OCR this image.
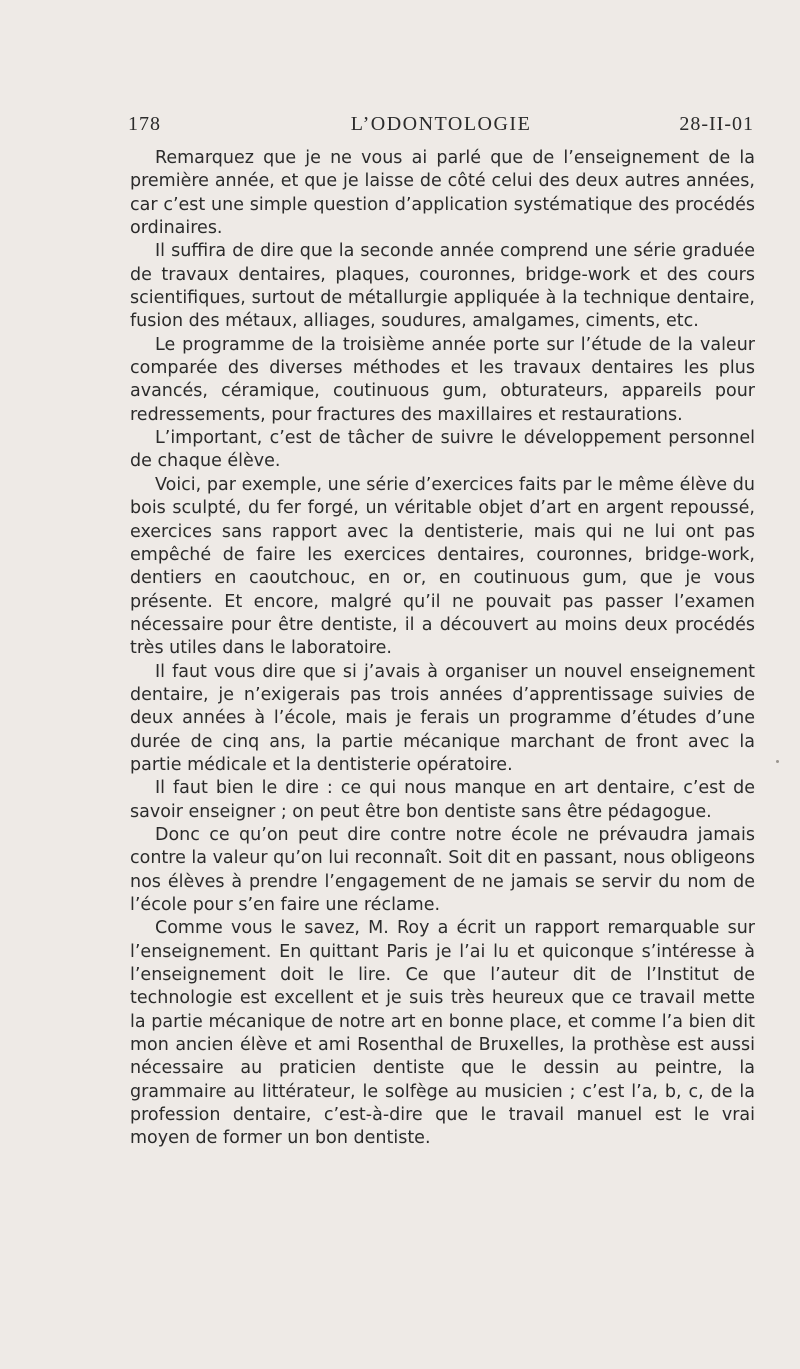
178	L’ODONTOLOGIE	28-II-01

Remarquez que je ne vous ai parlé que de l’enseignement de la première année, et que je laisse de côté celui des deux autres années, car c’est une simple question d’application systématique des procédés ordinaires.

Il suffira de dire que la seconde année comprend une série graduée de travaux dentaires, plaques, couronnes, bridge-work et des cours scientifiques, surtout de métallurgie appliquée à la technique dentaire, fusion des métaux, alliages, soudures, amalgames, ciments, etc.

Le programme de la troisième année porte sur l’étude de la valeur comparée des diverses méthodes et les travaux dentaires les plus avancés, céramique, coutinuous gum, obturateurs, appareils pour redressements, pour fractures des maxillaires et restaurations.

L’important, c’est de tâcher de suivre le développement personnel de chaque élève.

Voici, par exemple, une série d’exercices faits par le même élève du bois sculpté, du fer forgé, un véritable objet d’art en argent repoussé, exercices sans rapport avec la dentisterie, mais qui ne lui ont pas empêché de faire les exercices dentaires, couronnes, bridge-work, dentiers en caoutchouc, en or, en coutinuous gum, que je vous présente. Et encore, malgré qu’il ne pouvait pas passer l’examen nécessaire pour être dentiste, il a découvert au moins deux procédés très utiles dans le laboratoire.

Il faut vous dire que si j’avais à organiser un nouvel enseignement dentaire, je n’exigerais pas trois années d’apprentissage suivies de deux années à l’école, mais je ferais un programme d’études d’une durée de cinq ans, la partie mécanique marchant de front avec la partie médicale et la dentisterie opératoire.

Il faut bien le dire : ce qui nous manque en art dentaire, c’est de savoir enseigner ; on peut être bon dentiste sans être pédagogue.

Donc ce qu’on peut dire contre notre école ne prévaudra jamais contre la valeur qu’on lui reconnaît. Soit dit en passant, nous obligeons nos élèves à prendre l’engagement de ne jamais se servir du nom de l’école pour s’en faire une réclame.

Comme vous le savez, M. Roy a écrit un rapport remarquable sur l’enseignement. En quittant Paris je l’ai lu et quiconque s’intéresse à l’enseignement doit le lire. Ce que l’auteur dit de l’Institut de technologie est excellent et je suis très heureux que ce travail mette la partie mécanique de notre art en bonne place, et comme l’a bien dit mon ancien élève et ami Rosenthal de Bruxelles, la prothèse est aussi nécessaire au praticien dentiste que le dessin au peintre, la grammaire au littérateur, le solfège au musicien ; c’est l’a, b, c, de la profession dentaire, c’est-à-dire que le travail manuel est le vrai moyen de former un bon dentiste.
